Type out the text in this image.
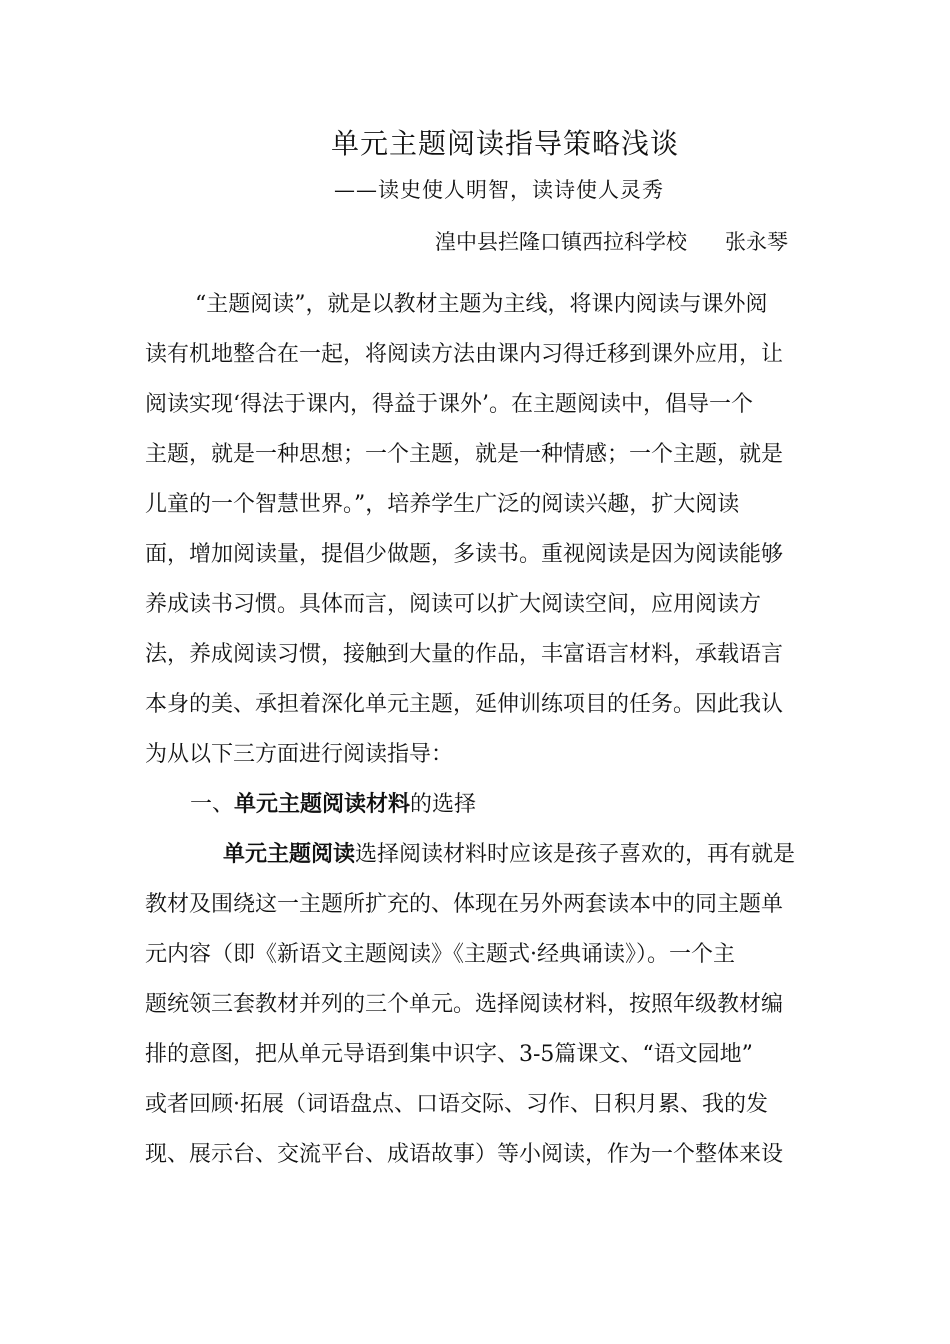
单元主题阅读指导策略浅谈
——读史使人明智，读诗使人灵秀
湟中县拦隆口镇西拉科学校 张永琴
“主题阅读”，就是以教材主题为主线，将课内阅读与课外阅
读有机地整合在一起，将阅读方法由课内习得迁移到课外应用，让
阅读实现‘得法于课内，得益于课外’。在主题阅读中，倡导一个
主题，就是一种思想；一个主题，就是一种情感；一个主题，就是
儿童的一个智慧世界。”，培养学生广泛的阅读兴趣，扩大阅读
面，增加阅读量，提倡少做题，多读书。重视阅读是因为阅读能够
养成读书习惯。具体而言，阅读可以扩大阅读空间，应用阅读方
法，养成阅读习惯，接触到大量的作品，丰富语言材料，承载语言
本身的美、承担着深化单元主题，延伸训练项目的任务。因此我认
为从以下三方面进行阅读指导：
一、单元主题阅读材料的选择
单元主题阅读选择阅读材料时应该是孩子喜欢的，再有就是
教材及围绕这一主题所扩充的、体现在另外两套读本中的同主题单
元内容（即《新语文主题阅读》《主题式·经典诵读》）。一个主
题统领三套教材并列的三个单元。选择阅读材料，按照年级教材编
排的意图，把从单元导语到集中识字、3-5篇课文、“语文园地”
或者回顾·拓展（词语盘点、口语交际、习作、日积月累、我的发
现、展示台、交流平台、成语故事）等小阅读，作为一个整体来设
